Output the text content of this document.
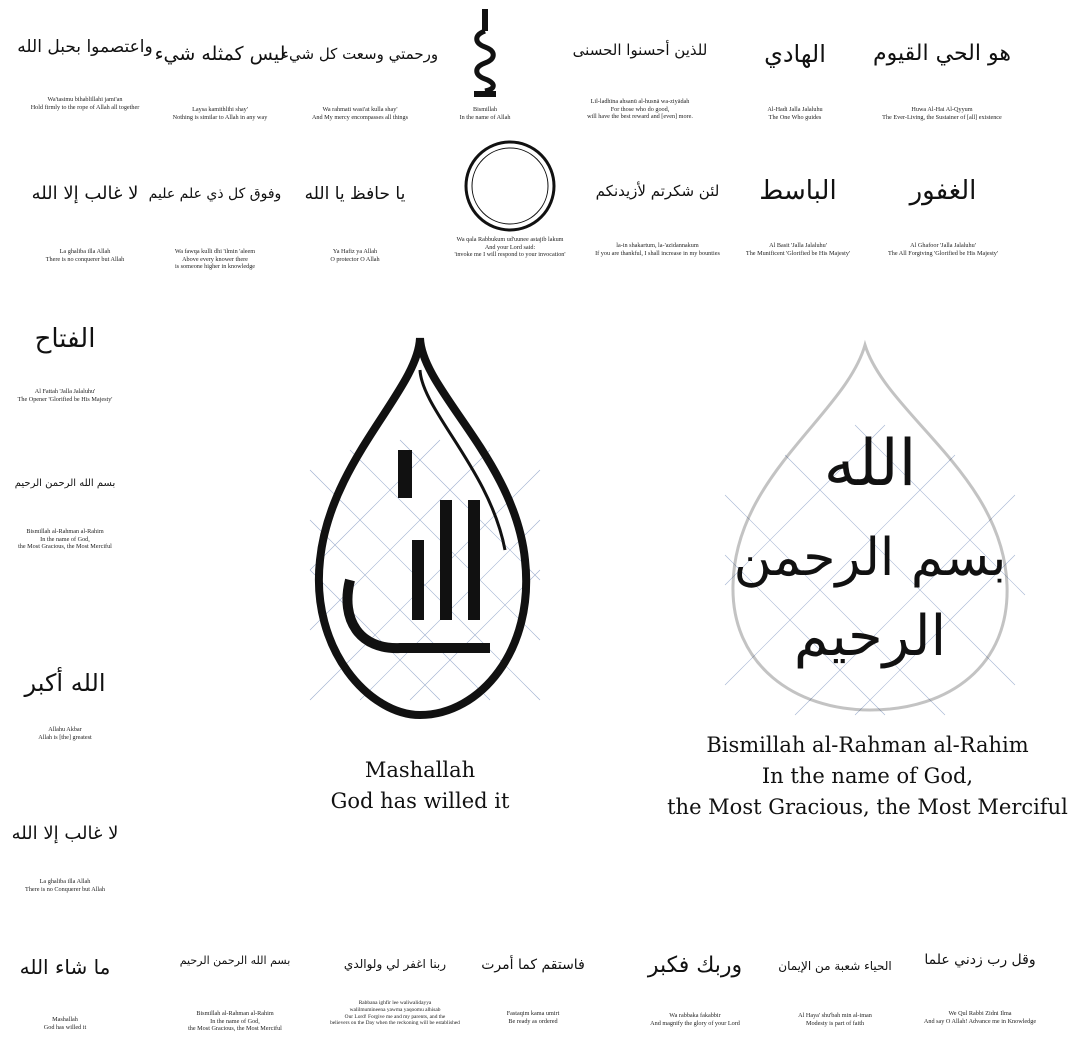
واعتصموا بحبل الله
Wa'tasimu bihablillahi jami'an
Hold firmly to the rope of Allah all together
ليس كمثله شيء
Laysa kamithlihi shay'
Nothing is similar to Allah in any way
ورحمتي وسعت كل شيء
Wa rahmati wasi'at kulla shay'
And My mercy encompasses all things
Bismillah
In the name of Allah
للذين أحسنوا الحسنى
Lil-ladhīna ahsanū al-husnā wa-ziyādah
For those who do good,
will have the best reward and [even] more.
الهادي
Al-Hadi Jalla Jalaluhu
The One Who guides
هو الحي القيوم
Huwa Al-Hai Al-Qyyum
The Ever-Living, the Sustainer of [all] existence
لا غالب إلا الله
La ghaliba illa Allah
There is no conquerer but Allah
وفوق كل ذي علم عليم
Wa fawqa kulli dhi 'ilmin 'aleem
Above every knower there
is someone higher in knowledge
يا حافظ يا الله
Ya Hafiz ya Allah
O protector O Allah
Wa qala Rabbukum ud'uunee astajib lakum
And your Lord said:
'invoke me I will respond to your invocation'
لئن شكرتم لأزيدنكم
la-in shakartum, la-'azidannakum
If you are thankful, I shall increase in my bounties
الباسط
Al Basit 'Jalla Jalaluhu'
The Munificent 'Glorified be His Majesty'
الغفور
Al Ghafoor 'Jalla Jalaluhu'
The All Forgiving 'Glorified be His Majesty'
الفتاح
Al Fattah 'Jalla Jalaluhu'
The Opener 'Glorified be His Majesty'
بسم الله الرحمن الرحيم
Bismillah al-Rahman al-Rahim
In the name of God,
the Most Gracious, the Most Merciful
الله أكبر
Allahu Akbar
Allah is [the] greatest
لا غالب إلا الله
La ghaliba illa Allah
There is no Conquerer but Allah
Mashallah
God has willed it
الله
بسم الرحمن
الرحيم
Bismillah al-Rahman al-Rahim
In the name of God,
the Most Gracious, the Most Merciful
ما شاء الله
Mashallah
God has willed it
بسم الله الرحمن الرحيم
Bismillah al-Rahman al-Rahim
In the name of God,
the Most Gracious, the Most Merciful
ربنا اغفر لي ولوالدي
Rabbana ighfir lee waliwalidayya
walilmumineena yawma yaqoomu alhisab
Our Lord! Forgive me and my parents, and the
believers on the Day when the reckoning will be established
فاستقم كما أمرت
Fastaqim kama umirt
Be ready as ordered
وربك فكبر
Wa rabbaka fakabbir
And magnify the glory of your Lord
الحياء شعبة من الإيمان
Al Haya' shu'bah min al-iman
Modesty is part of faith
وقل رب زدني علما
We Qul Rabbi Zidni Ilma
And say O Allah! Advance me in Knowledge
